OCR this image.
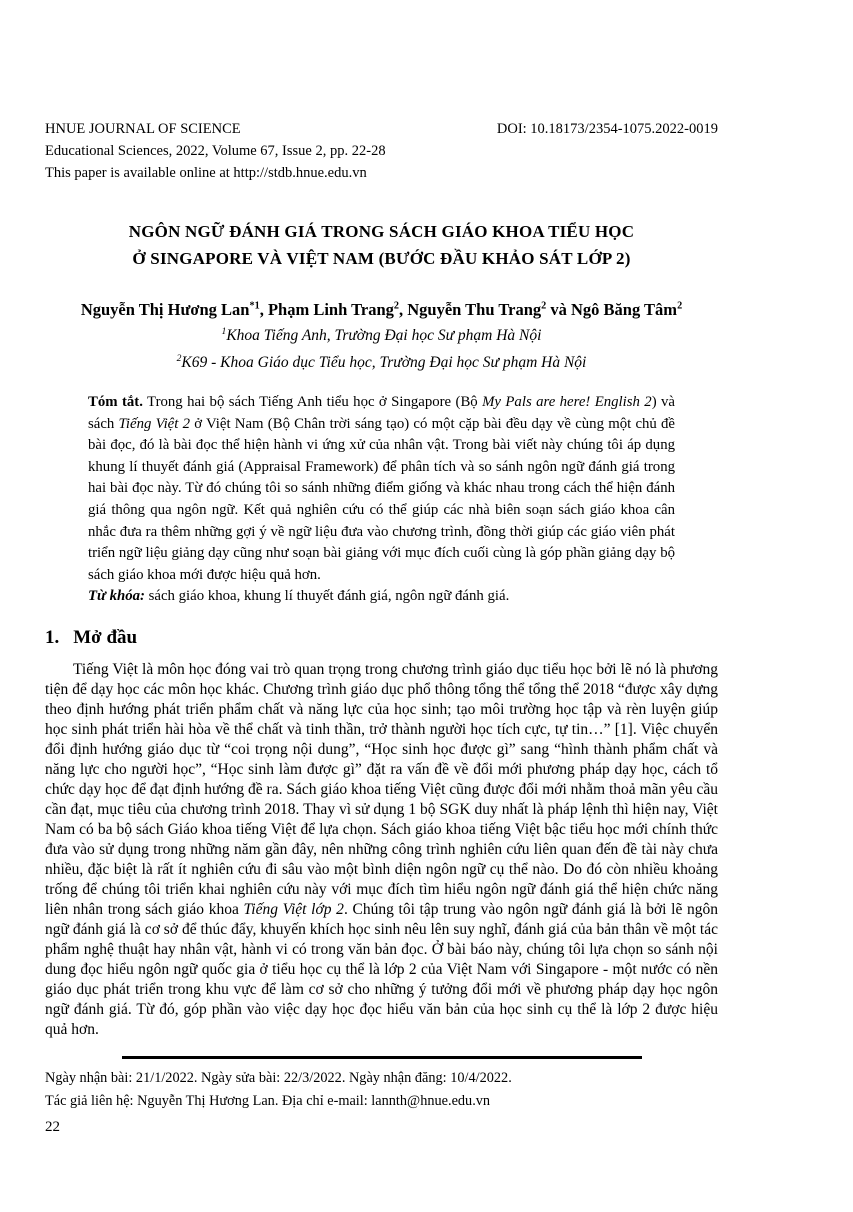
HNUE JOURNAL OF SCIENCE	DOI: 10.18173/2354-1075.2022-0019
Educational Sciences, 2022, Volume 67, Issue 2, pp. 22-28
This paper is available online at http://stdb.hnue.edu.vn
NGÔN NGỮ ĐÁNH GIÁ TRONG SÁCH GIÁO KHOA TIỂU HỌC
Ở SINGAPORE VÀ VIỆT NAM (BƯỚC ĐẦU KHẢO SÁT LỚP 2)
Nguyễn Thị Hương Lan$^{*1}$, Phạm Linh Trang$^2$, Nguyễn Thu Trang$^2$ và Ngô Băng Tâm$^2$
$^1$Khoa Tiếng Anh, Trường Đại học Sư phạm Hà Nội
$^2$K69 - Khoa Giáo dục Tiểu học, Trường Đại học Sư phạm Hà Nội
Tóm tắt. Trong hai bộ sách Tiếng Anh tiểu học ở Singapore (Bộ My Pals are here! English 2) và sách Tiếng Việt 2 ở Việt Nam (Bộ Chân trời sáng tạo) có một cặp bài đều dạy về cùng một chủ đề bài đọc, đó là bài đọc thể hiện hành vi ứng xử của nhân vật. Trong bài viết này chúng tôi áp dụng khung lí thuyết đánh giá (Appraisal Framework) để phân tích và so sánh ngôn ngữ đánh giá trong hai bài đọc này. Từ đó chúng tôi so sánh những điểm giống và khác nhau trong cách thể hiện đánh giá thông qua ngôn ngữ. Kết quả nghiên cứu có thể giúp các nhà biên soạn sách giáo khoa cân nhắc đưa ra thêm những gợi ý về ngữ liệu đưa vào chương trình, đồng thời giúp các giáo viên phát triển ngữ liệu giảng dạy cũng như soạn bài giảng với mục đích cuối cùng là góp phần giảng dạy bộ sách giáo khoa mới được hiệu quả hơn.
Từ khóa: sách giáo khoa, khung lí thuyết đánh giá, ngôn ngữ đánh giá.
1. Mở đầu
Tiếng Việt là môn học đóng vai trò quan trọng trong chương trình giáo dục tiểu học bởi lẽ nó là phương tiện để dạy học các môn học khác. Chương trình giáo dục phổ thông tổng thể tổng thể 2018 “được xây dựng theo định hướng phát triển phẩm chất và năng lực của học sinh; tạo môi trường học tập và rèn luyện giúp học sinh phát triển hài hòa về thể chất và tinh thần, trở thành người học tích cực, tự tin…” [1]. Việc chuyển đổi định hướng giáo dục từ “coi trọng nội dung”, “Học sinh học được gì” sang “hình thành phẩm chất và năng lực cho người học”, “Học sinh làm được gì” đặt ra vấn đề về đổi mới phương pháp dạy học, cách tổ chức dạy học để đạt định hướng đề ra. Sách giáo khoa tiếng Việt cũng được đổi mới nhằm thoả mãn yêu cầu cần đạt, mục tiêu của chương trình 2018. Thay vì sử dụng 1 bộ SGK duy nhất là pháp lệnh thì hiện nay, Việt Nam có ba bộ sách Giáo khoa tiếng Việt để lựa chọn. Sách giáo khoa tiếng Việt bậc tiểu học mới chính thức đưa vào sử dụng trong những năm gần đây, nên những công trình nghiên cứu liên quan đến đề tài này chưa nhiều, đặc biệt là rất ít nghiên cứu đi sâu vào một bình diện ngôn ngữ cụ thể nào. Do đó còn nhiều khoảng trống để chúng tôi triển khai nghiên cứu này với mục đích tìm hiểu ngôn ngữ đánh giá thể hiện chức năng liên nhân trong sách giáo khoa Tiếng Việt lớp 2. Chúng tôi tập trung vào ngôn ngữ đánh giá là bởi lẽ ngôn ngữ đánh giá là cơ sở để thúc đẩy, khuyến khích học sinh nêu lên suy nghĩ, đánh giá của bản thân về một tác phẩm nghệ thuật hay nhân vật, hành vi có trong văn bản đọc. Ở bài báo này, chúng tôi lựa chọn so sánh nội dung đọc hiểu ngôn ngữ quốc gia ở tiểu học cụ thể là lớp 2 của Việt Nam với Singapore - một nước có nền giáo dục phát triển trong khu vực để làm cơ sở cho những ý tưởng đổi mới về phương pháp dạy học ngôn ngữ đánh giá. Từ đó, góp phần vào việc dạy học đọc hiểu văn bản của học sinh cụ thể là lớp 2 được hiệu quả hơn.
Ngày nhận bài: 21/1/2022. Ngày sửa bài: 22/3/2022. Ngày nhận đăng: 10/4/2022.
Tác giả liên hệ: Nguyễn Thị Hương Lan. Địa chỉ e-mail: lannth@hnue.edu.vn
22
